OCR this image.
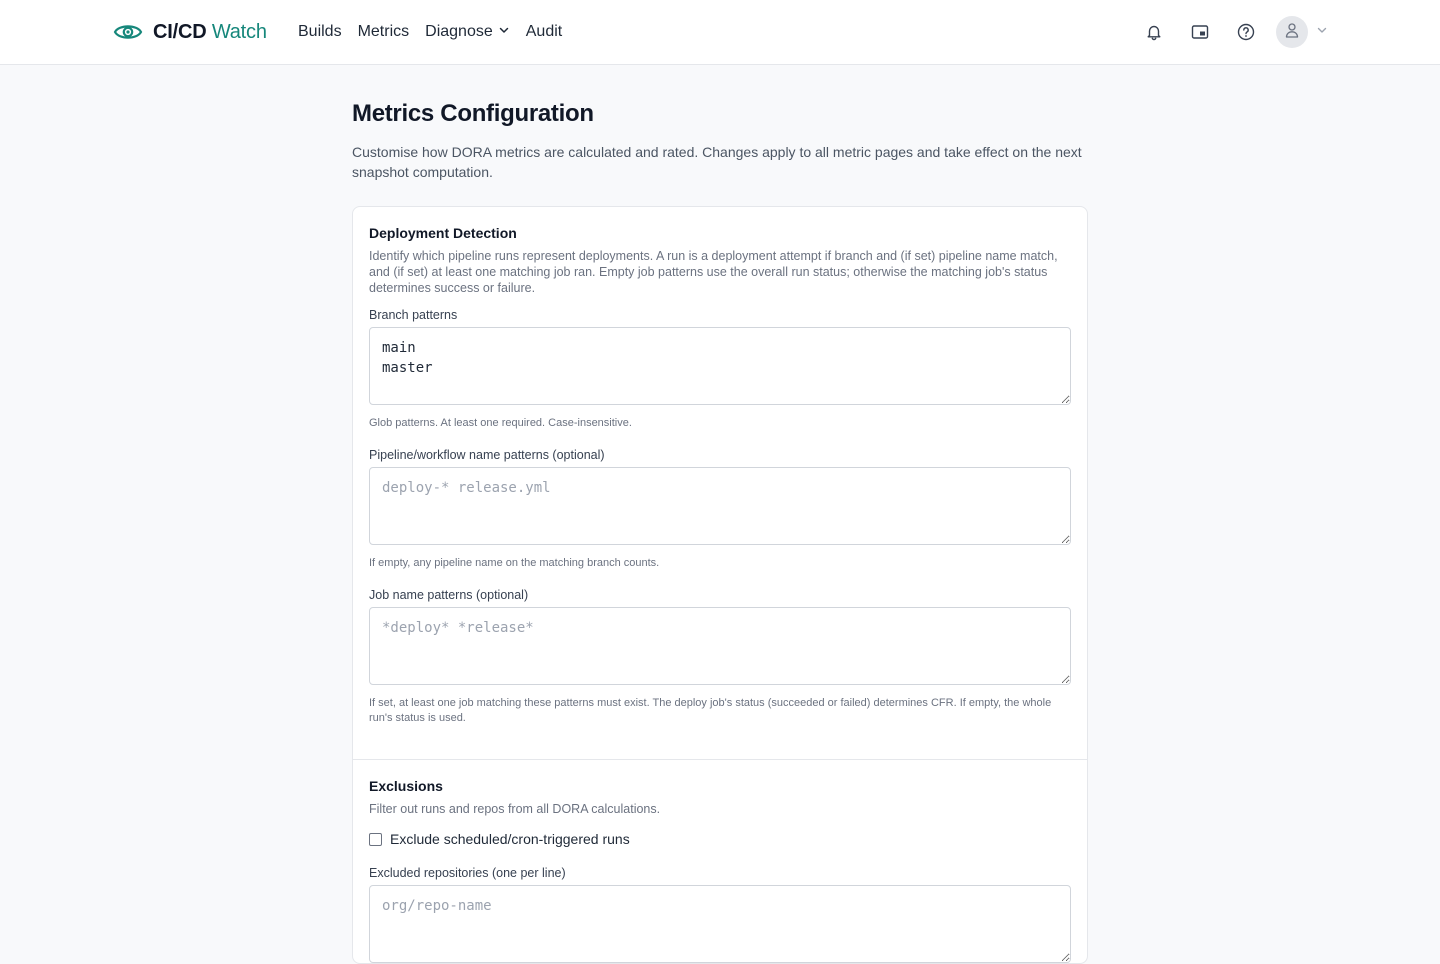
CI/CD Watch Builds Metrics Diagnose Audit
Metrics Configuration

Customise how DORA metrics are calculated and rated. Changes apply to all metric pages and take effect on the next snapshot computation.

Deployment Detection

Identify which pipeline runs represent deployments. A run is a deployment attempt if branch and (if set) pipeline name match, and (if set) at least one matching job ran. Empty job patterns use the overall run status; otherwise the matching job's status determines success or failure.

Branch patterns
main master

Glob patterns. At least one required. Case-insensitive.

Pipeline/workflow name patterns (optional)
deploy-* release.yml

If empty, any pipeline name on the matching branch counts.

Job name patterns (optional)
*deploy* *release*

If set, at least one job matching these patterns must exist. The deploy job's status (succeeded or failed) determines CFR. If empty, the whole run's status is used.

Exclusions

Filter out runs and repos from all DORA calculations.

Exclude scheduled/cron-triggered runs
Excluded repositories (one per line)
org/repo-name
